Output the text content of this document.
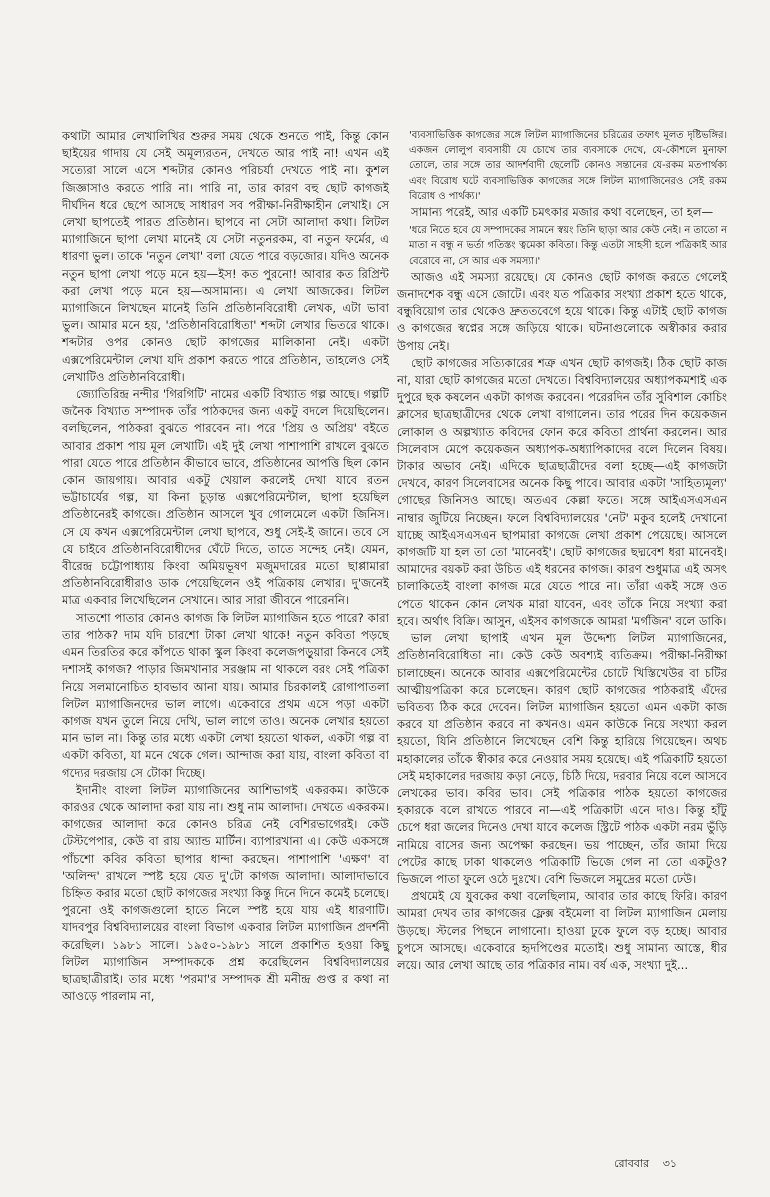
কথাটা আমার লেখালিখির শুরুর সময় থেকে শুনতে পাই, কিন্তু কোন ছাইয়ের গাদায় যে সেই অমূল্যরতন, দেখতে আর পাই না! এখন এই সত্যেরা সালে এসে শব্দটার কোনও পরিচর্যা দেখতে পাই না। কুশল জিজ্ঞাসাও করতে পারি না। পারি না, তার কারণ বহু ছোট কাগজই দীর্ঘদিন ধরে ছেপে আসছে সাধারণ সব পরীক্ষা-নিরীক্ষাহীন লেখাই। সে লেখা ছাপতেই পারত প্রতিষ্ঠান। ছাপবে না সেটা আলাদা কথা। লিটল ম্যাগাজিনে ছাপা লেখা মানেই যে সেটা নতুনরকম, বা নতুন ফর্মের, এ ধারণা ভুল। তাকে 'নতুন লেখা' বলা যেতে পারে বড়জোর। যদিও অনেক নতুন ছাপা লেখা পড়ে মনে হয়—ইস! কত পুরনো! আবার কত রিপ্রিন্ট করা লেখা পড়ে মনে হয়—অসামান্য। এ লেখা আজকের। লিটল ম্যাগাজিনে লিখছেন মানেই তিনি প্রতিষ্ঠানবিরোধী লেখক, এটা ভাবা ভুল। আমার মনে হয়, 'প্রতিষ্ঠানবিরোধিতা' শব্দটা লেখার ভিতরে থাকে। শব্দটার ওপর কোনও ছোট কাগজের মালিকানা নেই। একটা এক্সপেরিমেন্টাল লেখা যদি প্রকাশ করতে পারে প্রতিষ্ঠান, তাহলেও সেই লেখাটিও প্রতিষ্ঠানবিরোধী।

জ্যোতিরিন্দ্র নন্দীর 'গিরগিটি' নামের একটি বিখ্যাত গল্প আছে। গল্পটি জনৈক বিখ্যাত সম্পাদক তাঁর পাঠকদের জন্য একটু বদলে দিয়েছিলেন। বলছিলেন, পাঠকরা বুঝতে পারবেন না। পরে 'প্রিয় ও অপ্রিয়' বইতে আবার প্রকাশ পায় মূল লেখাটি। এই দুই লেখা পাশাপাশি রাখলে বুঝতে পারা যেতে পারে প্রতিষ্ঠান কীভাবে ভাবে, প্রতিষ্ঠানের আপত্তি ছিল কোন কোন জায়গায়। আবার একটু খেয়াল করলেই দেখা যাবে রতন ভট্টাচার্যের গল্প, যা কিনা চূড়ান্ত এক্সপেরিমেন্টাল, ছাপা হয়েছিল প্রতিষ্ঠানেরই কাগজে। প্রতিষ্ঠান আসলে খুব গোলমেলে একটা জিনিস। সে যে কখন এক্সপেরিমেন্টাল লেখা ছাপবে, শুধু সেই-ই জানে। তবে সে যে চাইবে প্রতিষ্ঠানবিরোধীদের ঘেঁটে দিতে, তাতে সন্দেহ নেই। যেমন, বীরেন্দ্র চট্টোপাধ্যায় কিংবা অমিয়ভূষণ মজুমদারের মতো ছাপ্পামারা প্রতিষ্ঠানবিরোধীরাও ডাক পেয়েছিলেন ওই পত্রিকায় লেখার। দু'জনেই মাত্র একবার লিখেছিলেন সেখানে। আর সারা জীবনে পারেননি।

সাতশো পাতার কোনও কাগজ কি লিটল ম্যাগাজিন হতে পারে? কারা তার পাঠক? দাম যদি চারশো টাকা লেখা থাকে! নতুন কবিতা পড়ছে এমন তিরতির করে কাঁপতে থাকা স্কুল কিংবা কলেজপড়ুয়ারা কিনবে সেই দশাসই কাগজ? পাড়ার জিমখানার সরঞ্জাম না থাকলে বরং সেই পত্রিকা নিয়ে সলমানোচিত হাবভাব আনা যায়। আমার চিরকালই রোগাপাতলা লিটল ম্যাগাজিনদের ভাল লাগে। একেবারে প্রথম এসে পড়া একটা কাগজ যখন তুলে নিয়ে দেখি, ভাল লাগে তাও। অনেক লেখার হয়তো মান ভাল না। কিন্তু তার মধ্যে একটা লেখা হয়তো থাকল, একটা গল্প বা একটা কবিতা, যা মনে থেকে গেল। আন্দাজ করা যায়, বাংলা কবিতা বা গদ্যের দরজায় সে টোকা দিচ্ছে।

ইদানীং বাংলা লিটল ম্যাগাজিনের আশিভাগই একরকম। কাউকে কারওর থেকে আলাদা করা যায় না। শুধু নাম আলাদা। দেখতে একরকম। কাগজের আলাদা করে কোনও চরিত্র নেই বেশিরভাগেরই। কেউ টেস্টপেপার, কেউ বা রায় অ্যান্ড মার্টিন। ব্যাপারখানা এ। কেউ একসঙ্গে পাঁচশো কবির কবিতা ছাপার ধান্দা করছেন। পাশাপাশি 'এক্ষণ' বা 'অলিন্দ' রাখলে স্পষ্ট হয়ে যেত দু'টো কাগজ আলাদা। আলাদাভাবে চিহ্নিত করার মতো ছোট কাগজের সংখ্যা কিন্তু দিনে দিনে কমেই চলেছে। পুরনো ওই কাগজগুলো হাতে নিলে স্পষ্ট হয়ে যায় এই ধারণাটি। যাদবপুর বিশ্ববিদ্যালয়ের বাংলা বিভাগ একবার লিটল ম্যাগাজিন প্রদর্শনী করেছিল। ১৯৮১ সালে। ১৯৫০-১৯৮১ সালে প্রকাশিত হওয়া কিছু লিটল ম্যাগাজিন সম্পাদককে প্রশ্ন করেছিলেন বিশ্ববিদ্যালয়ের ছাত্রছাত্রীরাই। তার মধ্যে 'পরমা'র সম্পাদক শ্রী মনীন্দ্র গুপ্ত র কথা না আওড়ে পারলাম না,

'ব্যবসাভিত্তিক কাগজের সঙ্গে লিটল ম্যাগাজিনের চরিত্রের তফাৎ মূলত দৃষ্টিভঙ্গির। একজন লোলুপ ব্যবসায়ী যে চোখে তার ব্যবসাকে দেখে, যে-কৌশলে মুনাফা তোলে, তার সঙ্গে তার আদর্শবাদী ছেলেটি কোনও সন্তানের যে-রকম মতপার্থক্য এবং বিরোধ ঘটে ব্যবসাভিত্তিক কাগজের সঙ্গে লিটল ম্যাগাজিনেরও সেই রকম বিরোধ ও পার্থক্য।'

সামান্য পরেই, আর একটি চমৎকার মজার কথা বলেছেন, তা হল—

'ধরে নিতে হবে যে সম্পাদকের সামনে স্বয়ং তিনি ছাড়া আর কেউ নেই। ন তাতো ন মাতা ন বন্ধু ন ভর্তা গতিস্তং ত্বমেকা কবিতা। কিন্তু এতটা সাহসী হলে পত্রিকাই আর বেরোবে না, সে আর এক সমস্যা।'

আজও এই সমস্যা রয়েছে। যে কোনও ছোট কাগজ করতে গেলেই জনাদশেক বন্ধু এসে জোটে। এবং যত পত্রিকার সংখ্যা প্রকাশ হতে থাকে, বন্ধুবিয়োগ তার থেকেও দ্রুততবেগে হয়ে থাকে। কিন্তু এটাই ছোট কাগজ ও কাগজের স্বপ্নের সঙ্গে জড়িয়ে থাকে। ঘটনাগুলোকে অস্বীকার করার উপায় নেই।

ছোট কাগজের সত্যিকারের শত্রু এখন ছোট কাগজই। ঠিক ছোট কাজ না, যারা ছোট কাগজের মতো দেখতে। বিশ্ববিদ্যালয়ের অধ্যাপকমশাই এক দুপুরে ছক কষলেন একটা কাগজ করবেন। পরেরদিন তাঁর সুবিশাল কোচিং ক্লাসের ছাত্রছাত্রীদের থেকে লেখা বাগালেন। তার পরের দিন কয়েকজন লোকাল ও অল্পখ্যাত কবিদের ফোন করে কবিতা প্রার্থনা করলেন। আর সিলেবাস মেপে কয়েকজন অধ্যাপক-অধ্যাপিকাদের বলে দিলেন বিষয়। টাকার অভাব নেই। এদিকে ছাত্রছাত্রীদের বলা হচ্ছে—এই কাগজটা দেখবে, কারণ সিলেবাসের অনেক কিছু পাবে। আবার একটা 'সাহিত্যমূল্য' গোছের জিনিসও আছে। অতএব কেল্লা ফতে। সঙ্গে আইএসএসএন নাম্বার জুটিয়ে নিচ্ছেন। ফলে বিশ্ববিদ্যালয়ের 'নেট' মকুব হলেই দেখানো যাচ্ছে আইএসএসএন ছাপমারা কাগজে লেখা প্রকাশ পেয়েছে। আসলে কাগজটি যা হল তা তো 'মানেবই'। ছোট কাগজের ছদ্মবেশ ধরা মানেবই। আমাদের বয়কট করা উচিত এই ধরনের কাগজ। কারণ শুধুমাত্র এই অসৎ চালাকিতেই বাংলা কাগজ মরে যেতে পারে না। তাঁরা একই সঙ্গে ওত পেতে থাকেন কোন লেখক মারা যাবেন, এবং তাঁকে নিয়ে সংখ্যা করা হবে। অর্থাৎ বিক্রি। আসুন, এইসব কাগজকে আমরা 'মর্গজিন' বলে ডাকি।

ভাল লেখা ছাপাই এখন মূল উদ্দেশ্য লিটল ম্যাগাজিনের, প্রতিষ্ঠানবিরোধিতা না। কেউ কেউ অবশ্যই ব্যতিক্রম। পরীক্ষা-নিরীক্ষা চালাচ্ছেন। অনেকে আবার এক্সপেরিমেন্টের চোটে খিস্তিখেউর বা চটির আত্মীয়পত্রিকা করে চলেছেন। কারণ ছোট কাগজের পাঠকরাই এঁদের ভবিতব্য ঠিক করে দেবেন। লিটল ম্যাগাজিন হয়তো এমন একটা কাজ করবে যা প্রতিষ্ঠান করবে না কখনও। এমন কাউকে নিয়ে সংখ্যা করল হয়তো, যিনি প্রতিষ্ঠানে লিখেছেন বেশি কিন্তু হারিয়ে গিয়েছেন। অথচ মহাকালের তাঁকে স্বীকার করে নেওয়ার সময় হয়েছে। এই পত্রিকাটি হয়তো সেই মহাকালের দরজায় কড়া নেড়ে, চিঠি দিয়ে, দরবার নিয়ে বলে আসবে লেখকের ভাব। কবির ভাব। সেই পত্রিকার পাঠক হয়তো কাগজের হকারকে বলে রাখতে পারবে না—এই পত্রিকাটা এনে দাও। কিন্তু হাঁটু চেপে ধরা জলের দিনেও দেখা যাবে কলেজ স্ট্রিটে পাঠক একটা নরম ভুঁড়ি নামিয়ে বাসের জন্য অপেক্ষা করছেন। ভয় পাচ্ছেন, তাঁর জামা দিয়ে পেটের কাছে ঢাকা থাকলেও পত্রিকাটি ভিজে গেল না তো একটুও? ভিজলে পাতা ফুলে ওঠে দুঃখে। বেশি ভিজলে সমুদ্রের মতো ঢেউ।

প্রথমেই যে যুবকের কথা বলেছিলাম, আবার তার কাছে ফিরি। কারণ আমরা দেখব তার কাগজের ফ্লেক্স বইমেলা বা লিটল ম্যাগাজিন মেলায় উড়ছে। স্টলের পিছনে লাগানো। হাওয়া ঢুকে ফুলে বড় হচ্ছে। আবার চুপসে আসছে। একেবারে হৃদপিণ্ডের মতোই। শুধু সামান্য আস্তে, ধীর লয়ে। আর লেখা আছে তার পত্রিকার নাম। বর্ষ এক, সংখ্যা দুই...

রোববার ৩১
